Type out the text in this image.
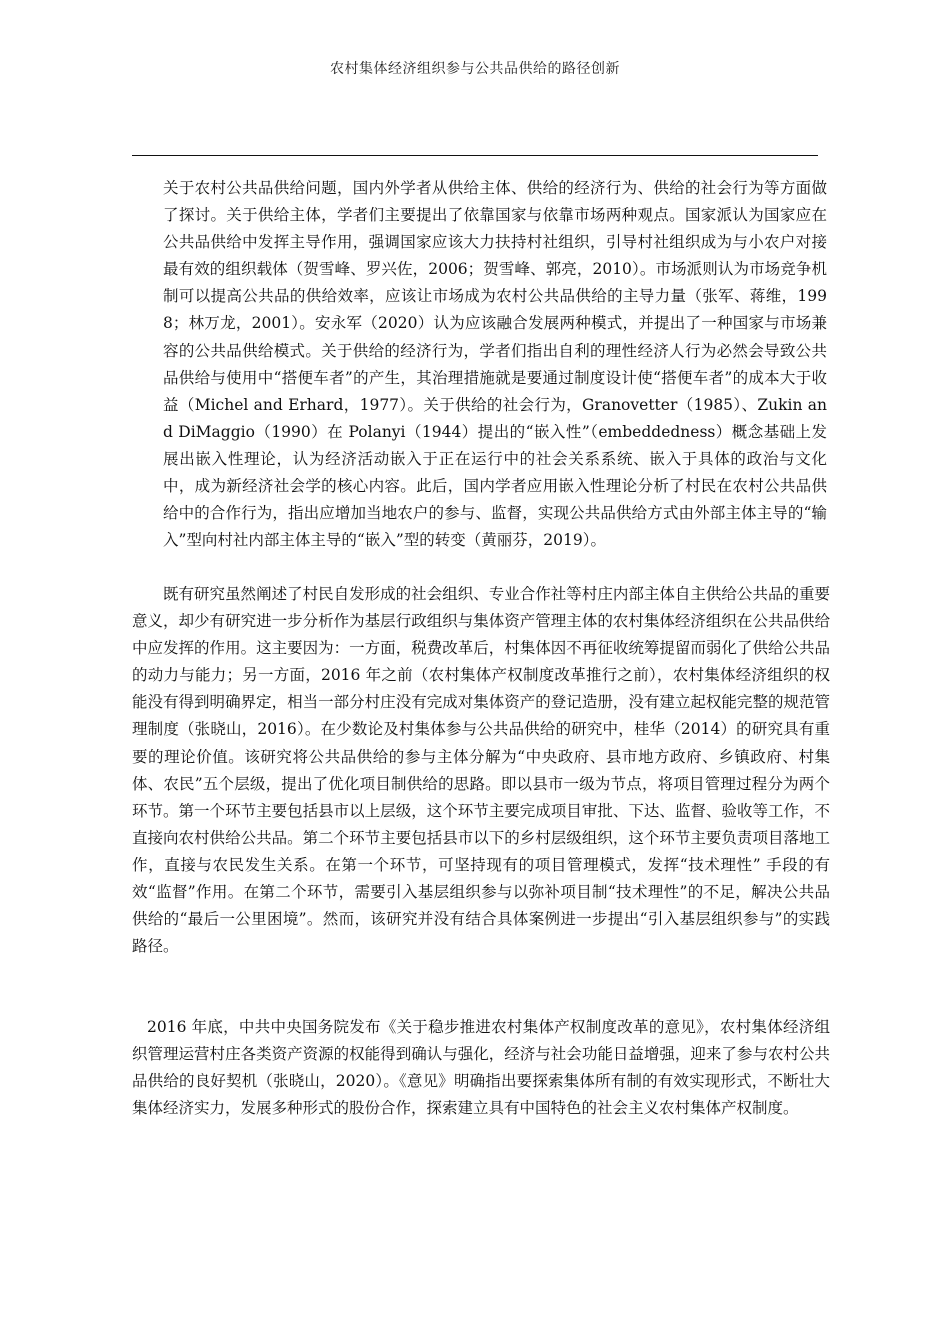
农村集体经济组织参与公共品供给的路径创新

关于农村公共品供给问题，国内外学者从供给主体、供给的经济行为、供给的社会行为等方面做了探讨。关于供给主体，学者们主要提出了依靠国家与依靠市场两种观点。国家派认为国家应在公共品供给中发挥主导作用，强调国家应该大力扶持村社组织，引导村社组织成为与小农户对接最有效的组织载体（贺雪峰、罗兴佐，2006；贺雪峰、郭亮，2010）。市场派则认为市场竞争机制可以提高公共品的供给效率，应该让市场成为农村公共品供给的主导力量（张军、蒋维，1998；林万龙，2001）。安永军（2020）认为应该融合发展两种模式，并提出了一种国家与市场兼容的公共品供给模式。关于供给的经济行为，学者们指出自利的理性经济人行为必然会导致公共品供给与使用中“搭便车者”的产生，其治理措施就是要通过制度设计使“搭便车者”的成本大于收益（Michel and Erhard，1977）。关于供给的社会行为，Granovetter（1985）、Zukin and DiMaggio（1990）在 Polanyi（1944）提出的“嵌入性”（embeddedness）概念基础上发展出嵌入性理论，认为经济活动嵌入于正在运行中的社会关系系统、嵌入于具体的政治与文化中，成为新经济社会学的核心内容。此后，国内学者应用嵌入性理论分析了村民在农村公共品供给中的合作行为，指出应增加当地农户的参与、监督，实现公共品供给方式由外部主体主导的“输入”型向村社内部主体主导的“嵌入”型的转变（黄丽芬，2019）。

既有研究虽然阐述了村民自发形成的社会组织、专业合作社等村庄内部主体自主供给公共品的重要意义，却少有研究进一步分析作为基层行政组织与集体资产管理主体的农村集体经济组织在公共品供给中应发挥的作用。这主要因为：一方面，税费改革后，村集体因不再征收统筹提留而弱化了供给公共品的动力与能力；另一方面，2016 年之前（农村集体产权制度改革推行之前），农村集体经济组织的权能没有得到明确界定，相当一部分村庄没有完成对集体资产的登记造册，没有建立起权能完整的规范管理制度（张晓山，2016）。在少数论及村集体参与公共品供给的研究中，桂华（2014）的研究具有重要的理论价值。该研究将公共品供给的参与主体分解为“中央政府、县市地方政府、乡镇政府、村集体、农民”五个层级，提出了优化项目制供给的思路。即以县市一级为节点，将项目管理过程分为两个环节。第一个环节主要包括县市以上层级，这个环节主要完成项目审批、下达、监督、验收等工作，不直接向农村供给公共品。第二个环节主要包括县市以下的乡村层级组织，这个环节主要负责项目落地工作，直接与农民发生关系。在第一个环节，可坚持现有的项目管理模式，发挥“技术理性” 手段的有效“监督”作用。在第二个环节，需要引入基层组织参与以弥补项目制“技术理性”的不足，解决公共品供给的“最后一公里困境”。然而，该研究并没有结合具体案例进一步提出“引入基层组织参与”的实践路径。

2016 年底，中共中央国务院发布《关于稳步推进农村集体产权制度改革的意见》，农村集体经济组织管理运营村庄各类资产资源的权能得到确认与强化，经济与社会功能日益增强，迎来了参与农村公共品供给的良好契机（张晓山，2020）。《意见》明确指出要探索集体所有制的有效实现形式，不断壮大集体经济实力，发展多种形式的股份合作，探索建立具有中国特色的社会主义农村集体产权制度。
